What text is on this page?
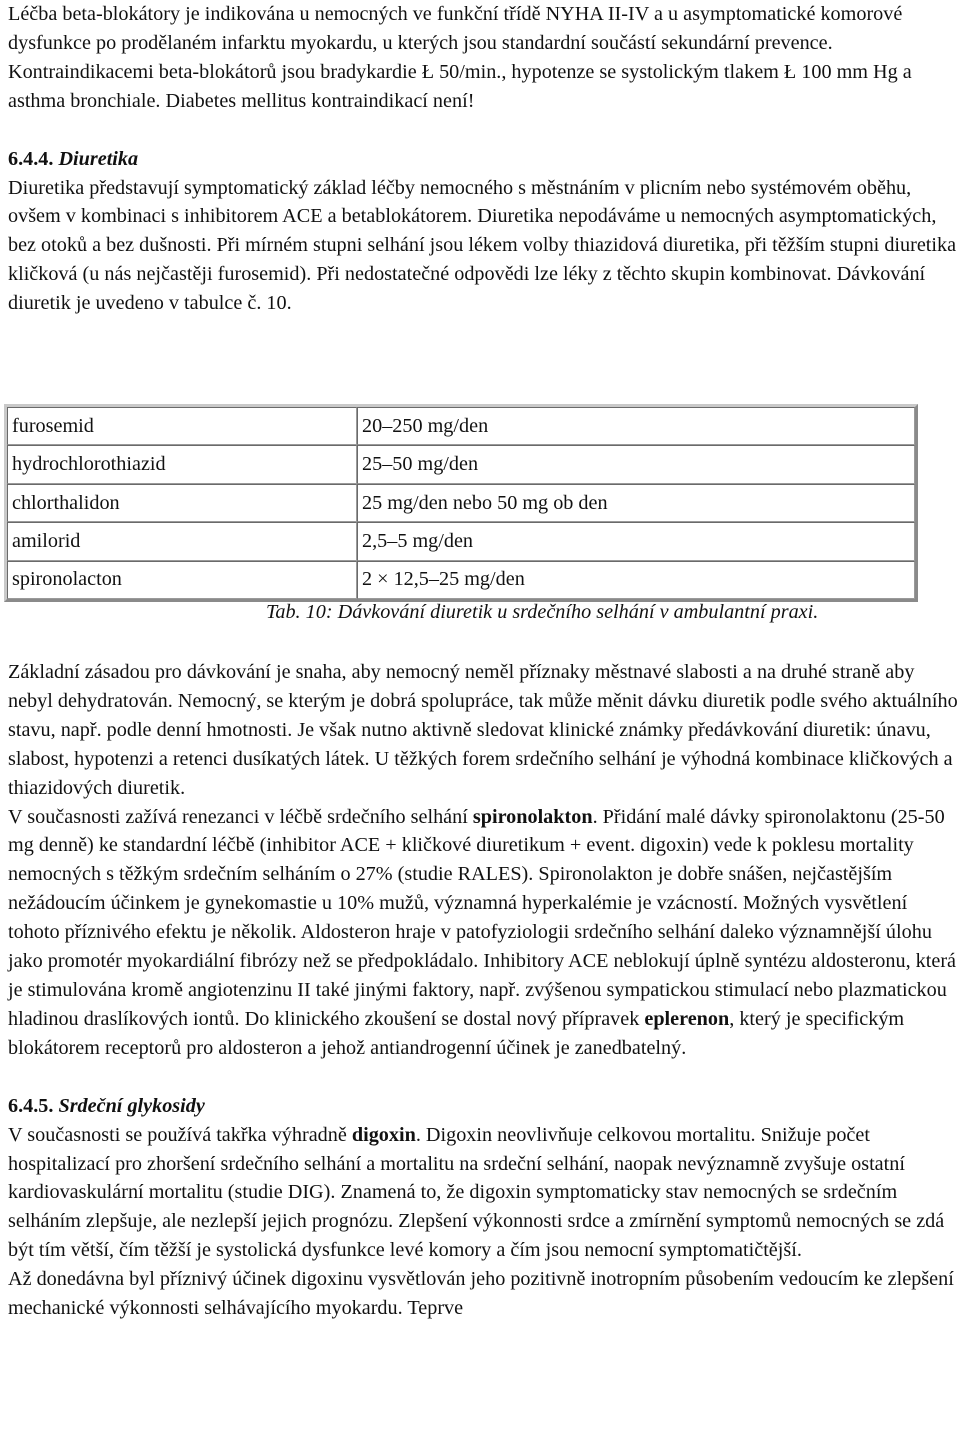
Léčba beta-blokátory je indikována u nemocných ve funkční třídě NYHA II-IV a u asymptomatické komorové dysfunkce po prodělaném infarktu myokardu, u kterých jsou standardní součástí sekundární prevence. Kontraindikacemi beta-blokátorů jsou bradykardie Ł 50/min., hypotenze se systolickým tlakem Ł 100 mm Hg a asthma bronchiale. Diabetes mellitus kontraindikací není!

6.4.4. Diuretika

Diuretika představují symptomatický základ léčby nemocného s městnáním v plicním nebo systémovém oběhu, ovšem v kombinaci s inhibitorem ACE a betablokátorem. Diuretika nepodáváme u nemocných asymptomatických, bez otoků a bez dušnosti. Při mírném stupni selhání jsou lékem volby thiazidová diuretika, při těžším stupni diuretika kličková (u nás nejčastěji furosemid). Při nedostatečné odpovědi lze léky z těchto skupin kombinovat. Dávkování diuretik je uvedeno v tabulce č. 10.

furosemid	20–250 mg/den
hydrochlorothiazid	25–50 mg/den
chlorthalidon	25 mg/den nebo 50 mg ob den
amilorid	2,5–5 mg/den
spironolacton	2 × 12,5–25 mg/den
Tab. 10: Dávkování diuretik u srdečního selhání v ambulantní praxi.

Základní zásadou pro dávkování je snaha, aby nemocný neměl příznaky městnavé slabosti a na druhé straně aby nebyl dehydratován. Nemocný, se kterým je dobrá spolupráce, tak může měnit dávku diuretik podle svého aktuálního stavu, např. podle denní hmotnosti. Je však nutno aktivně sledovat klinické známky předávkování diuretik: únavu, slabost, hypotenzi a retenci dusíkatých látek. U těžkých forem srdečního selhání je výhodná kombinace kličkových a thiazidových diuretik.

V současnosti zažívá renezanci v léčbě srdečního selhání spironolakton. Přidání malé dávky spironolaktonu (25-50 mg denně) ke standardní léčbě (inhibitor ACE + kličkové diuretikum + event. digoxin) vede k poklesu mortality nemocných s těžkým srdečním selháním o 27% (studie RALES). Spironolakton je dobře snášen, nejčastějším nežádoucím účinkem je gynekomastie u 10% mužů, významná hyperkalémie je vzácností. Možných vysvětlení tohoto příznivého efektu je několik. Aldosteron hraje v patofyziologii srdečního selhání daleko významnější úlohu jako promotér myokardiální fibrózy než se předpokládalo. Inhibitory ACE neblokují úplně syntézu aldosteronu, která je stimulována kromě angiotenzinu II také jinými faktory, např. zvýšenou sympatickou stimulací nebo plazmatickou hladinou draslíkových iontů. Do klinického zkoušení se dostal nový přípravek eplerenon, který je specifickým blokátorem receptorů pro aldosteron a jehož antiandrogenní účinek je zanedbatelný.

6.4.5. Srdeční glykosidy

V současnosti se používá takřka výhradně digoxin. Digoxin neovlivňuje celkovou mortalitu. Snižuje počet hospitalizací pro zhoršení srdečního selhání a mortalitu na srdeční selhání, naopak nevýznamně zvyšuje ostatní kardiovaskulární mortalitu (studie DIG). Znamená to, že digoxin symptomaticky stav nemocných se srdečním selháním zlepšuje, ale nezlepší jejich prognózu. Zlepšení výkonnosti srdce a zmírnění symptomů nemocných se zdá být tím větší, čím těžší je systolická dysfunkce levé komory a čím jsou nemocní symptomatičtější.

Až donedávna byl příznivý účinek digoxinu vysvětlován jeho pozitivně inotropním působením vedoucím ke zlepšení mechanické výkonnosti selhávajícího myokardu. Teprve
